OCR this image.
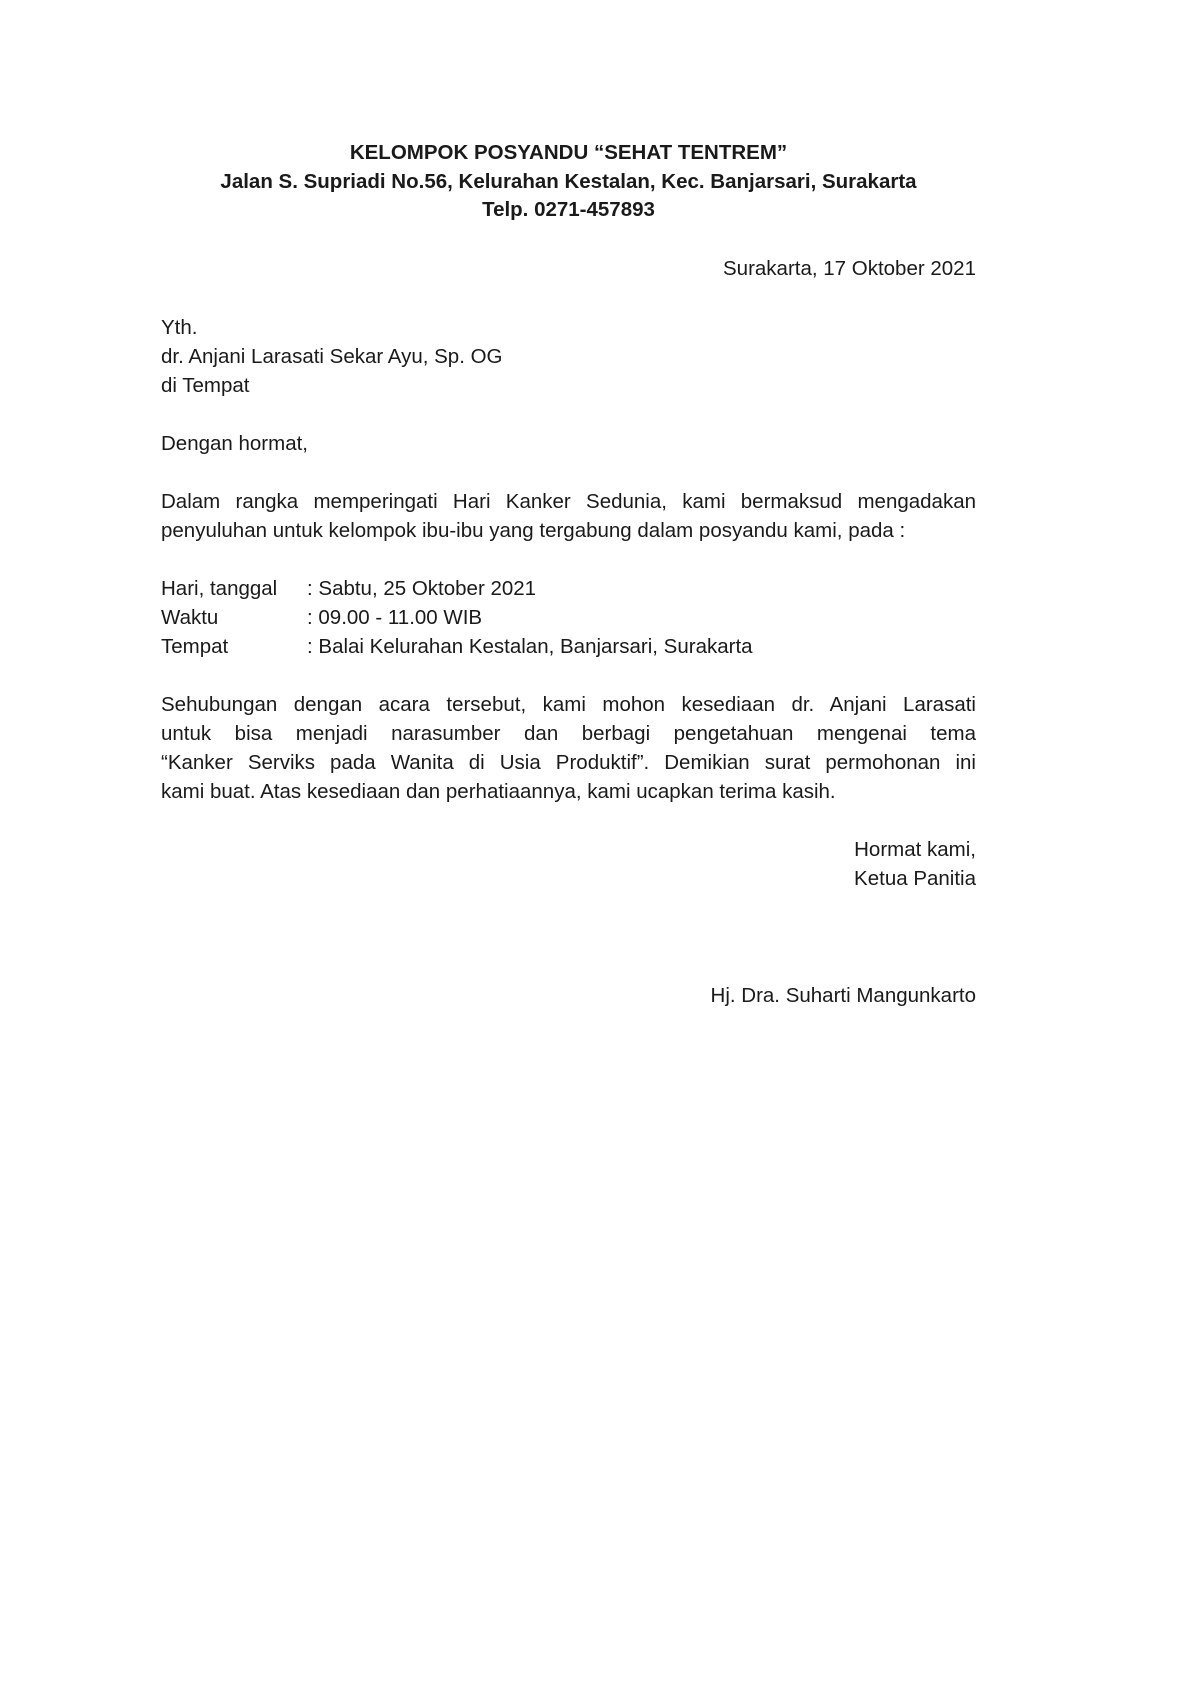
KELOMPOK POSYANDU “SEHAT TENTREM”
Jalan S. Supriadi No.56, Kelurahan Kestalan, Kec. Banjarsari, Surakarta
Telp. 0271-457893
Surakarta, 17 Oktober 2021
Yth.
dr. Anjani Larasati Sekar Ayu, Sp. OG
di Tempat
Dengan hormat,
Dalam rangka memperingati Hari Kanker Sedunia, kami bermaksud mengadakan
penyuluhan untuk kelompok ibu-ibu yang tergabung dalam posyandu kami, pada :
Hari, tanggal	: Sabtu, 25 Oktober 2021
Waktu	: 09.00 - 11.00 WIB
Tempat	: Balai Kelurahan Kestalan, Banjarsari, Surakarta
Sehubungan dengan acara tersebut, kami mohon kesediaan dr. Anjani Larasati
untuk bisa menjadi narasumber dan berbagi pengetahuan mengenai tema
“Kanker Serviks pada Wanita di Usia Produktif”. Demikian surat permohonan ini
kami buat. Atas kesediaan dan perhatiaannya, kami ucapkan terima kasih.
Hormat kami,
Ketua Panitia
Hj. Dra. Suharti Mangunkarto
